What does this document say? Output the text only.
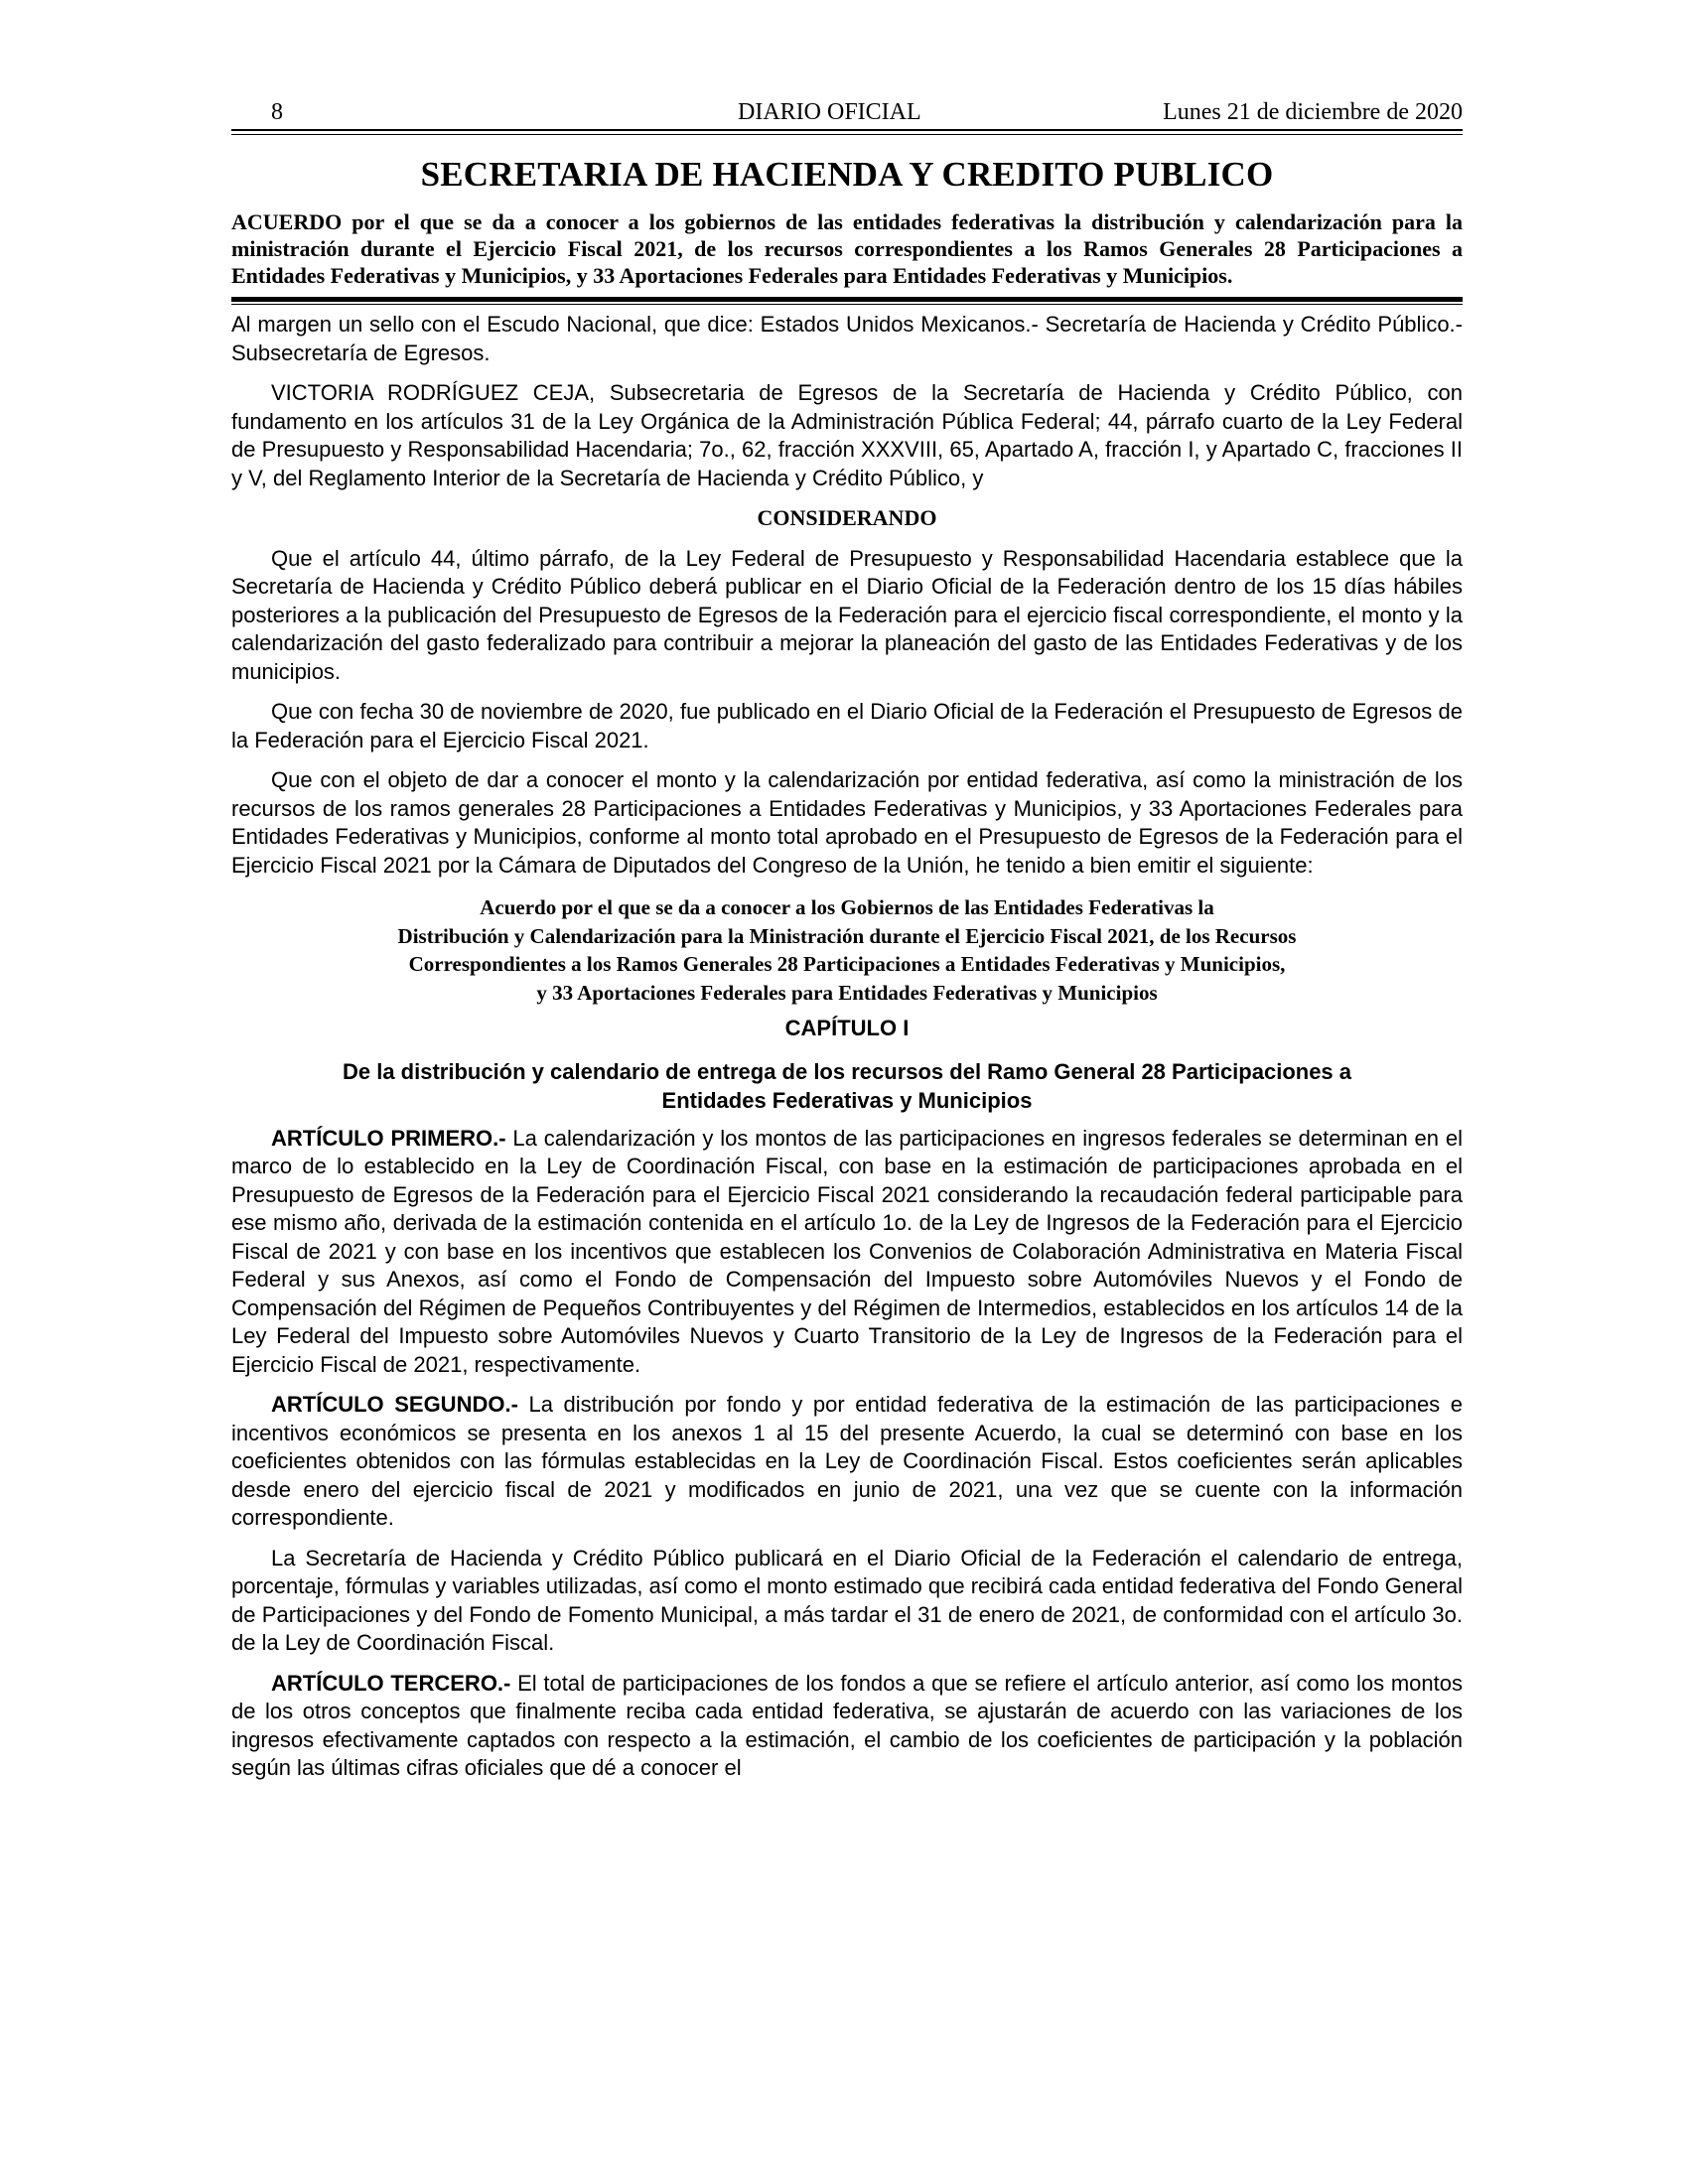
8	DIARIO OFICIAL	Lunes 21 de diciembre de 2020
SECRETARIA DE HACIENDA Y CREDITO PUBLICO
ACUERDO por el que se da a conocer a los gobiernos de las entidades federativas la distribución y calendarización para la ministración durante el Ejercicio Fiscal 2021, de los recursos correspondientes a los Ramos Generales 28 Participaciones a Entidades Federativas y Municipios, y 33 Aportaciones Federales para Entidades Federativas y Municipios.

Al margen un sello con el Escudo Nacional, que dice: Estados Unidos Mexicanos.- Secretaría de Hacienda y Crédito Público.- Subsecretaría de Egresos.

VICTORIA RODRÍGUEZ CEJA, Subsecretaria de Egresos de la Secretaría de Hacienda y Crédito Público, con fundamento en los artículos 31 de la Ley Orgánica de la Administración Pública Federal; 44, párrafo cuarto de la Ley Federal de Presupuesto y Responsabilidad Hacendaria; 7o., 62, fracción XXXVIII, 65, Apartado A, fracción I, y Apartado C, fracciones II y V, del Reglamento Interior de la Secretaría de Hacienda y Crédito Público, y

CONSIDERANDO

Que el artículo 44, último párrafo, de la Ley Federal de Presupuesto y Responsabilidad Hacendaria establece que la Secretaría de Hacienda y Crédito Público deberá publicar en el Diario Oficial de la Federación dentro de los 15 días hábiles posteriores a la publicación del Presupuesto de Egresos de la Federación para el ejercicio fiscal correspondiente, el monto y la calendarización del gasto federalizado para contribuir a mejorar la planeación del gasto de las Entidades Federativas y de los municipios.

Que con fecha 30 de noviembre de 2020, fue publicado en el Diario Oficial de la Federación el Presupuesto de Egresos de la Federación para el Ejercicio Fiscal 2021.

Que con el objeto de dar a conocer el monto y la calendarización por entidad federativa, así como la ministración de los recursos de los ramos generales 28 Participaciones a Entidades Federativas y Municipios, y 33 Aportaciones Federales para Entidades Federativas y Municipios, conforme al monto total aprobado en el Presupuesto de Egresos de la Federación para el Ejercicio Fiscal 2021 por la Cámara de Diputados del Congreso de la Unión, he tenido a bien emitir el siguiente:

Acuerdo por el que se da a conocer a los Gobiernos de las Entidades Federativas la
Distribución y Calendarización para la Ministración durante el Ejercicio Fiscal 2021, de los Recursos
Correspondientes a los Ramos Generales 28 Participaciones a Entidades Federativas y Municipios,
y 33 Aportaciones Federales para Entidades Federativas y Municipios
CAPÍTULO I
De la distribución y calendario de entrega de los recursos del Ramo General 28 Participaciones a
Entidades Federativas y Municipios

ARTÍCULO PRIMERO.- La calendarización y los montos de las participaciones en ingresos federales se determinan en el marco de lo establecido en la Ley de Coordinación Fiscal, con base en la estimación de participaciones aprobada en el Presupuesto de Egresos de la Federación para el Ejercicio Fiscal 2021 considerando la recaudación federal participable para ese mismo año, derivada de la estimación contenida en el artículo 1o. de la Ley de Ingresos de la Federación para el Ejercicio Fiscal de 2021 y con base en los incentivos que establecen los Convenios de Colaboración Administrativa en Materia Fiscal Federal y sus Anexos, así como el Fondo de Compensación del Impuesto sobre Automóviles Nuevos y el Fondo de Compensación del Régimen de Pequeños Contribuyentes y del Régimen de Intermedios, establecidos en los artículos 14 de la Ley Federal del Impuesto sobre Automóviles Nuevos y Cuarto Transitorio de la Ley de Ingresos de la Federación para el Ejercicio Fiscal de 2021, respectivamente.

ARTÍCULO SEGUNDO.- La distribución por fondo y por entidad federativa de la estimación de las participaciones e incentivos económicos se presenta en los anexos 1 al 15 del presente Acuerdo, la cual se determinó con base en los coeficientes obtenidos con las fórmulas establecidas en la Ley de Coordinación Fiscal. Estos coeficientes serán aplicables desde enero del ejercicio fiscal de 2021 y modificados en junio de 2021, una vez que se cuente con la información correspondiente.

La Secretaría de Hacienda y Crédito Público publicará en el Diario Oficial de la Federación el calendario de entrega, porcentaje, fórmulas y variables utilizadas, así como el monto estimado que recibirá cada entidad federativa del Fondo General de Participaciones y del Fondo de Fomento Municipal, a más tardar el 31 de enero de 2021, de conformidad con el artículo 3o. de la Ley de Coordinación Fiscal.

ARTÍCULO TERCERO.- El total de participaciones de los fondos a que se refiere el artículo anterior, así como los montos de los otros conceptos que finalmente reciba cada entidad federativa, se ajustarán de acuerdo con las variaciones de los ingresos efectivamente captados con respecto a la estimación, el cambio de los coeficientes de participación y la población según las últimas cifras oficiales que dé a conocer el
